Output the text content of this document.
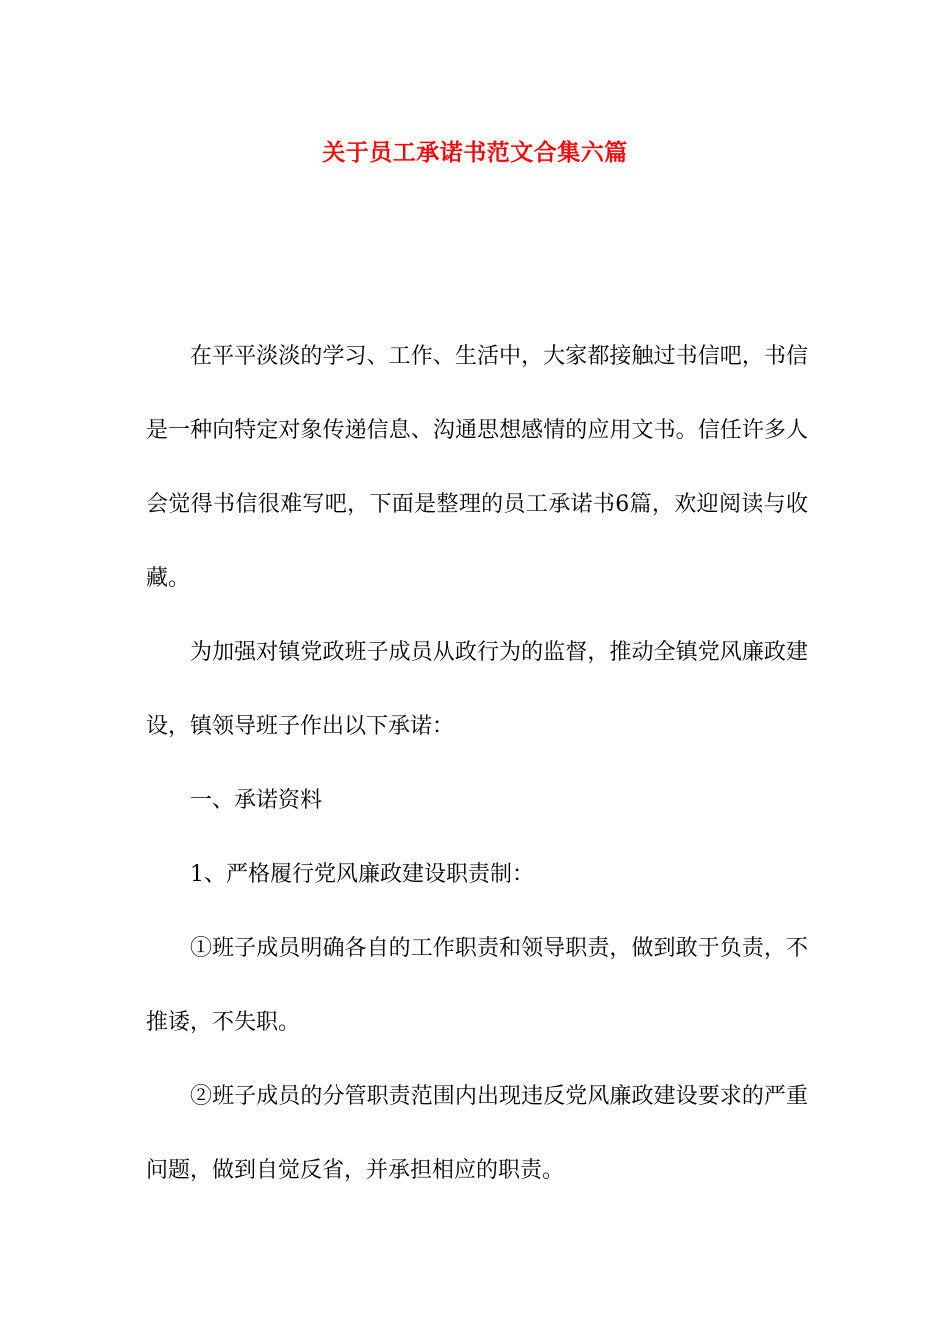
关于员工承诺书范文合集六篇

在平平淡淡的学习、工作、生活中，大家都接触过书信吧，书信是一种向特定对象传递信息、沟通思想感情的应用文书。信任许多人会觉得书信很难写吧，下面是整理的员工承诺书6篇，欢迎阅读与收藏。

为加强对镇党政班子成员从政行为的监督，推动全镇党风廉政建设，镇领导班子作出以下承诺：

一、承诺资料

1、严格履行党风廉政建设职责制：

①班子成员明确各自的工作职责和领导职责，做到敢于负责，不推诿，不失职。

②班子成员的分管职责范围内出现违反党风廉政建设要求的严重问题，做到自觉反省，并承担相应的职责。
